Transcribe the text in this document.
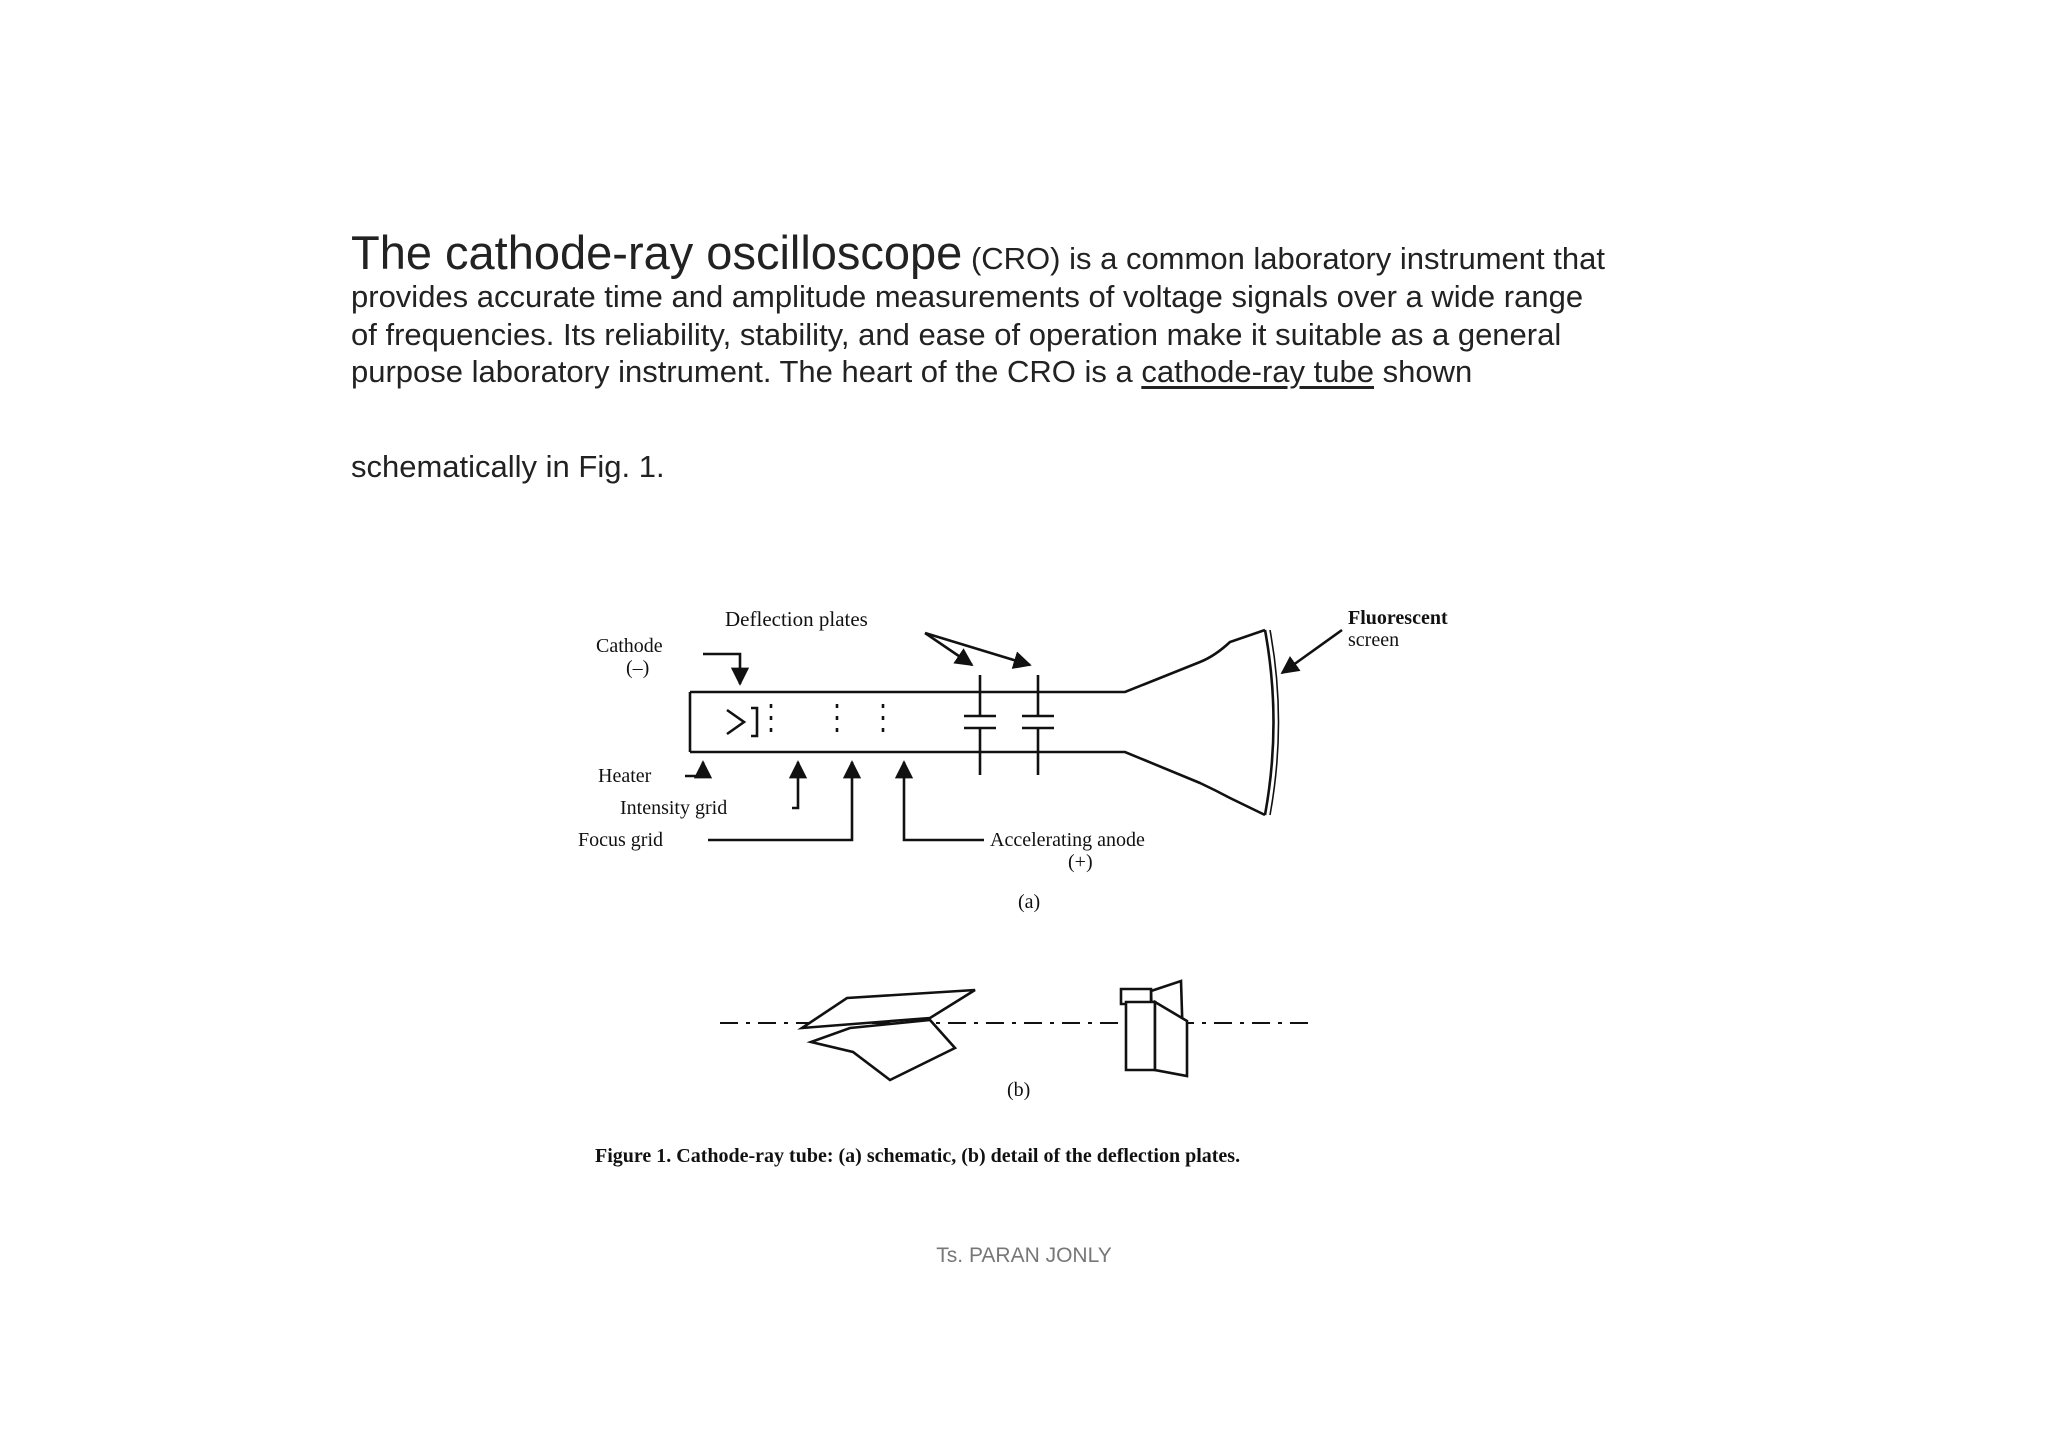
The cathode-ray oscilloscope (CRO) is a common laboratory instrument that
provides accurate time and amplitude measurements of voltage signals over a wide range
of frequencies. Its reliability, stability, and ease of operation make it suitable as a general
purpose laboratory instrument. The heart of the CRO is a cathode-ray tube shown
schematically in Fig. 1.
Deflection plates	Fluorescent
screen
Cathode
(–)
Heater
Intensity grid
Focus grid	Accelerating anode
(+)
(a)
(b)
Figure 1. Cathode-ray tube: (a) schematic, (b) detail of the deflection plates.
Ts. PARAN JONLY
